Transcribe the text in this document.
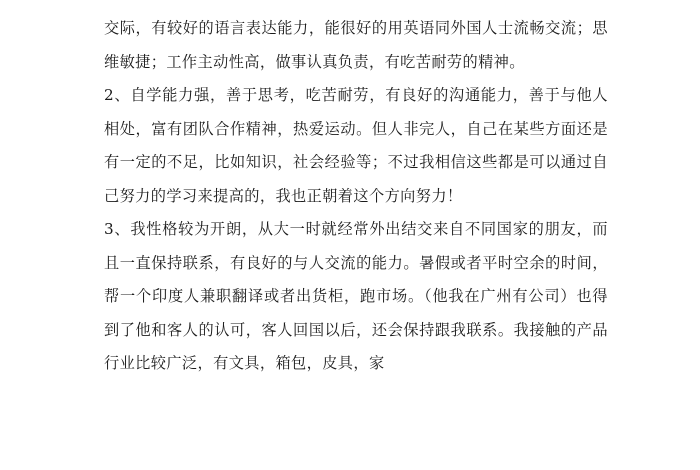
交际，有较好的语言表达能力，能很好的用英语同外国人士流畅交流；思维敏捷；工作主动性高，做事认真负责，有吃苦耐劳的精神。

2、自学能力强，善于思考，吃苦耐劳，有良好的沟通能力，善于与他人相处，富有团队合作精神，热爱运动。但人非完人，自己在某些方面还是有一定的不足，比如知识，社会经验等；不过我相信这些都是可以通过自己努力的学习来提高的，我也正朝着这个方向努力！

3、我性格较为开朗，从大一时就经常外出结交来自不同国家的朋友，而且一直保持联系，有良好的与人交流的能力。暑假或者平时空余的时间，帮一个印度人兼职翻译或者出货柜，跑市场。（他我在广州有公司）也得到了他和客人的认可，客人回国以后，还会保持跟我联系。我接触的产品行业比较广泛，有文具，箱包，皮具，家
